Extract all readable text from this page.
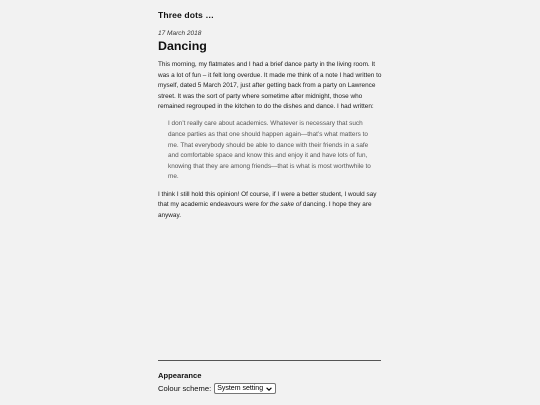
Three dots …

17 March 2018

Dancing

This morning, my flatmates and I had a brief dance party in the living room. It was a lot of fun – it felt long overdue. It made me think of a note I had written to myself, dated 5 March 2017, just after getting back from a party on Lawrence street. It was the sort of party where sometime after midnight, those who remained regrouped in the kitchen to do the dishes and dance. I had written:

I don’t really care about academics. Whatever is necessary that such dance parties as that one should happen again—that’s what matters to me. That everybody should be able to dance with their friends in a safe and comfortable space and know this and enjoy it and have lots of fun, knowing that they are among friends—that is what is most worthwhile to me.

I think I still hold this opinion! Of course, if I were a better student, I would say that my academic endeavours were for the sake of dancing. I hope they are anyway.

Appearance
Colour scheme: System setting
